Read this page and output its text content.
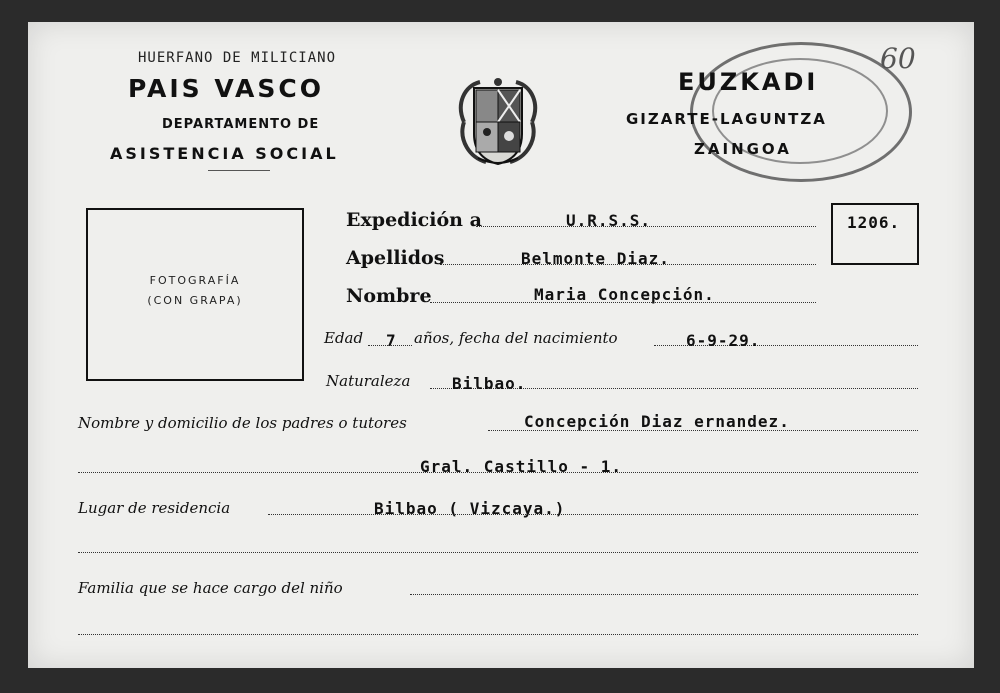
HUERFANO DE MILICIANO
PAIS VASCO
DEPARTAMENTO DE
ASISTENCIA SOCIAL
60
EUZKADI
GIZARTE-LAGUNTZA
ZAINGOA
FOTOGRAFÍA
(CON GRAPA)
1206.
Expedición a	U.R.S.S.
Apellidos	Belmonte Diaz.
Nombre	Maria Concepción.
Edad 7 años, fecha del nacimiento	6-9-29.
Naturaleza	Bilbao.
Nombre y domicilio de los padres o tutores	Concepción Diaz ernandez.
Gral. Castillo - 1.
Lugar de residencia	Bilbao ( Vizcaya.)
Familia que se hace cargo del niño
